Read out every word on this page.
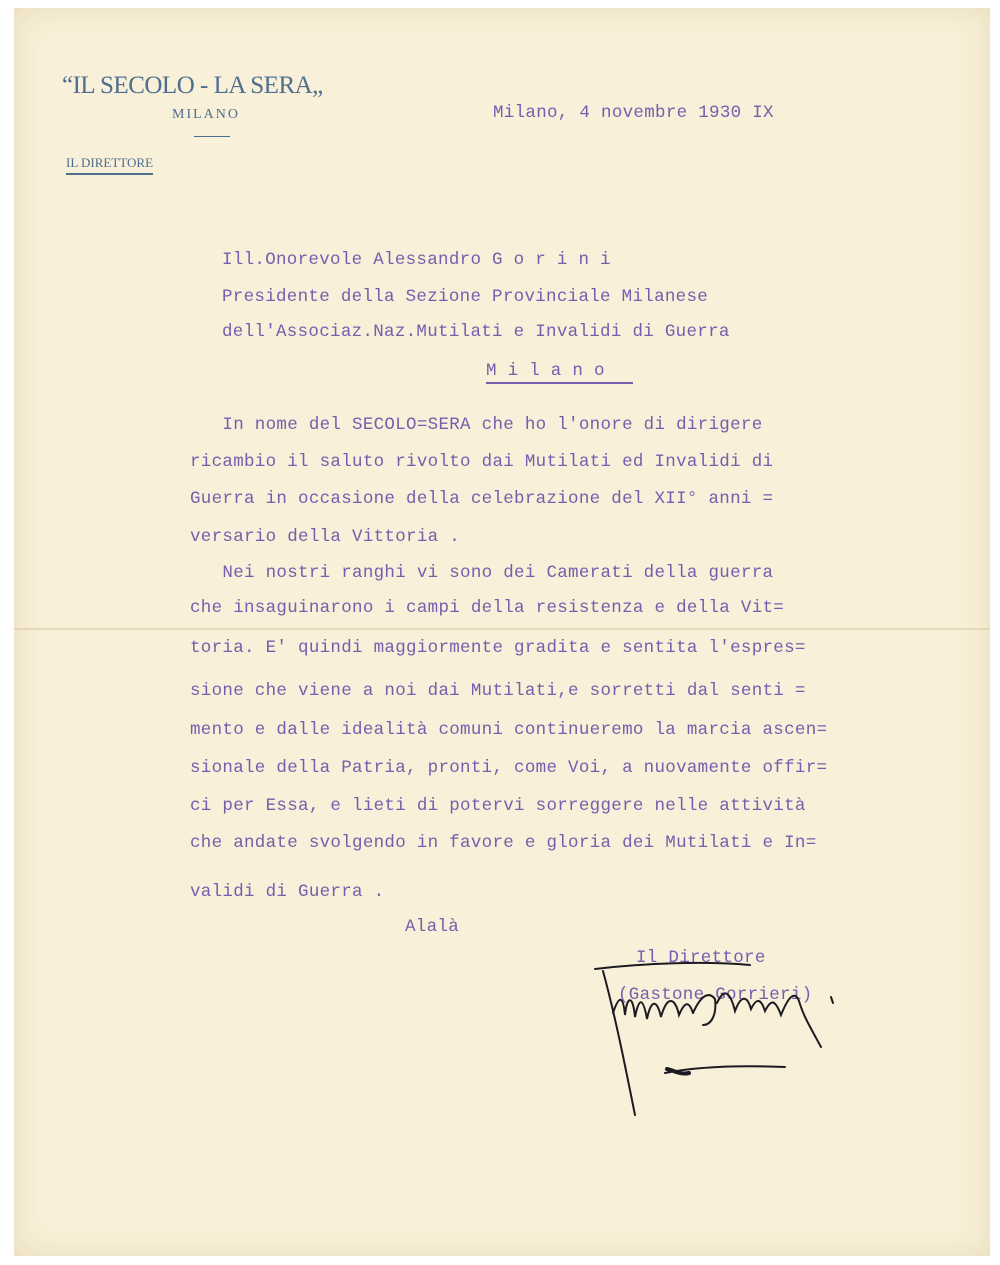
“IL SECOLO - LA SERA„
MILANO
IL DIRETTORE
Milano, 4 novembre 1930 IX
Ill.Onorevole Alessandro G o r i n i
Presidente della Sezione Provinciale Milanese
dell'Associaz.Naz.Mutilati e Invalidi di Guerra
M i l a n o
In nome del SECOLO=SERA che ho l'onore di dirigere
ricambio il saluto rivolto dai Mutilati ed Invalidi di
Guerra in occasione della celebrazione del XII° anni =
versario della Vittoria .
Nei nostri ranghi vi sono dei Camerati della guerra
che insaguinarono i campi della resistenza e della Vit=
toria. E' quindi maggiormente gradita e sentita l'espres=
sione che viene a noi dai Mutilati,e sorretti dal senti =
mento e dalle idealità comuni continueremo la marcia ascen=
sionale della Patria, pronti, come Voi, a nuovamente offir=
ci per Essa, e lieti di potervi sorreggere nelle attività
che andate svolgendo in favore e gloria dei Mutilati e In=
validi di Guerra .
Alalà
Il Direttore
(Gastone Gorrieri)
